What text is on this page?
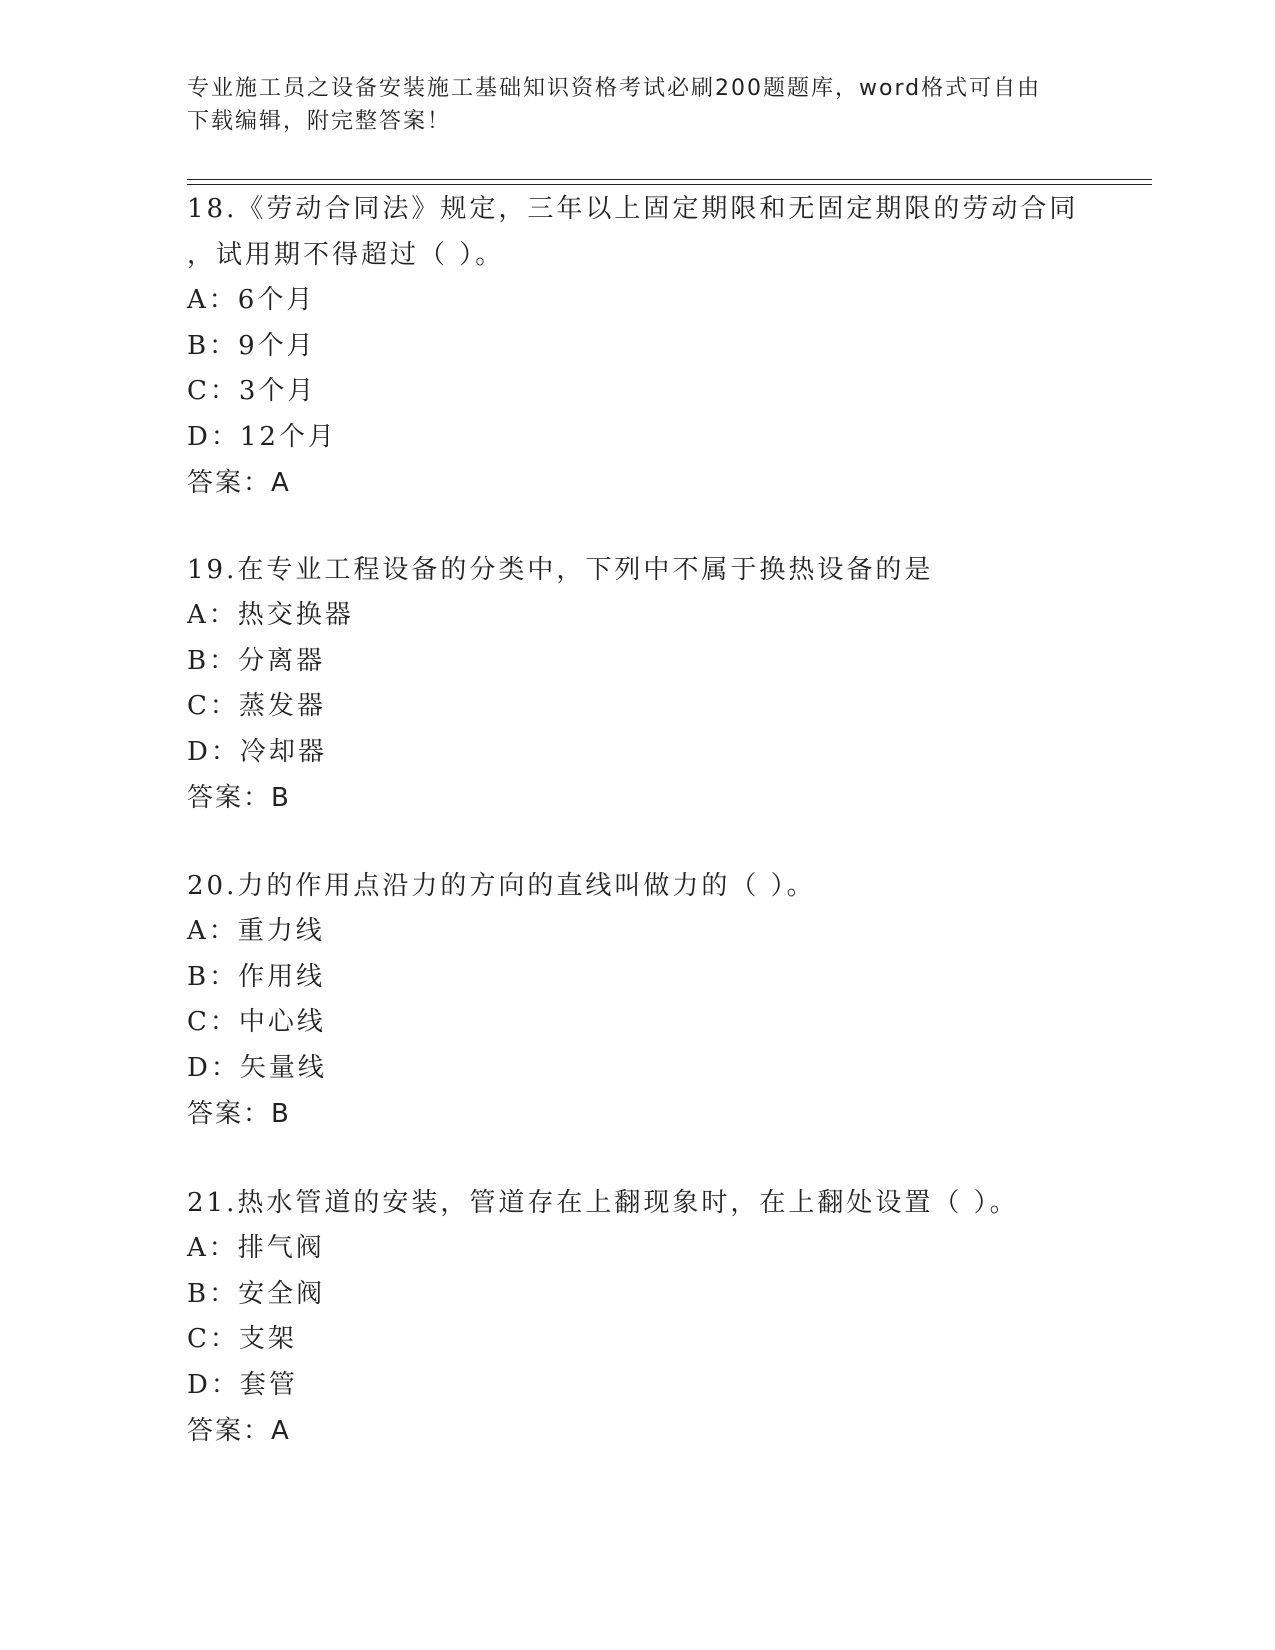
专业施工员之设备安装施工基础知识资格考试必刷200题题库，word格式可自由
下载编辑，附完整答案！
18.《劳动合同法》规定，三年以上固定期限和无固定期限的劳动合同
，试用期不得超过（ ）。
A：6个月
B：9个月
C：3个月
D：12个月
答案：A
19.在专业工程设备的分类中，下列中不属于换热设备的是
A：热交换器
B：分离器
C：蒸发器
D：冷却器
答案：B
20.力的作用点沿力的方向的直线叫做力的（ ）。
A：重力线
B：作用线
C：中心线
D：矢量线
答案：B
21.热水管道的安装，管道存在上翻现象时，在上翻处设置（ ）。
A：排气阀
B：安全阀
C：支架
D：套管
答案：A
